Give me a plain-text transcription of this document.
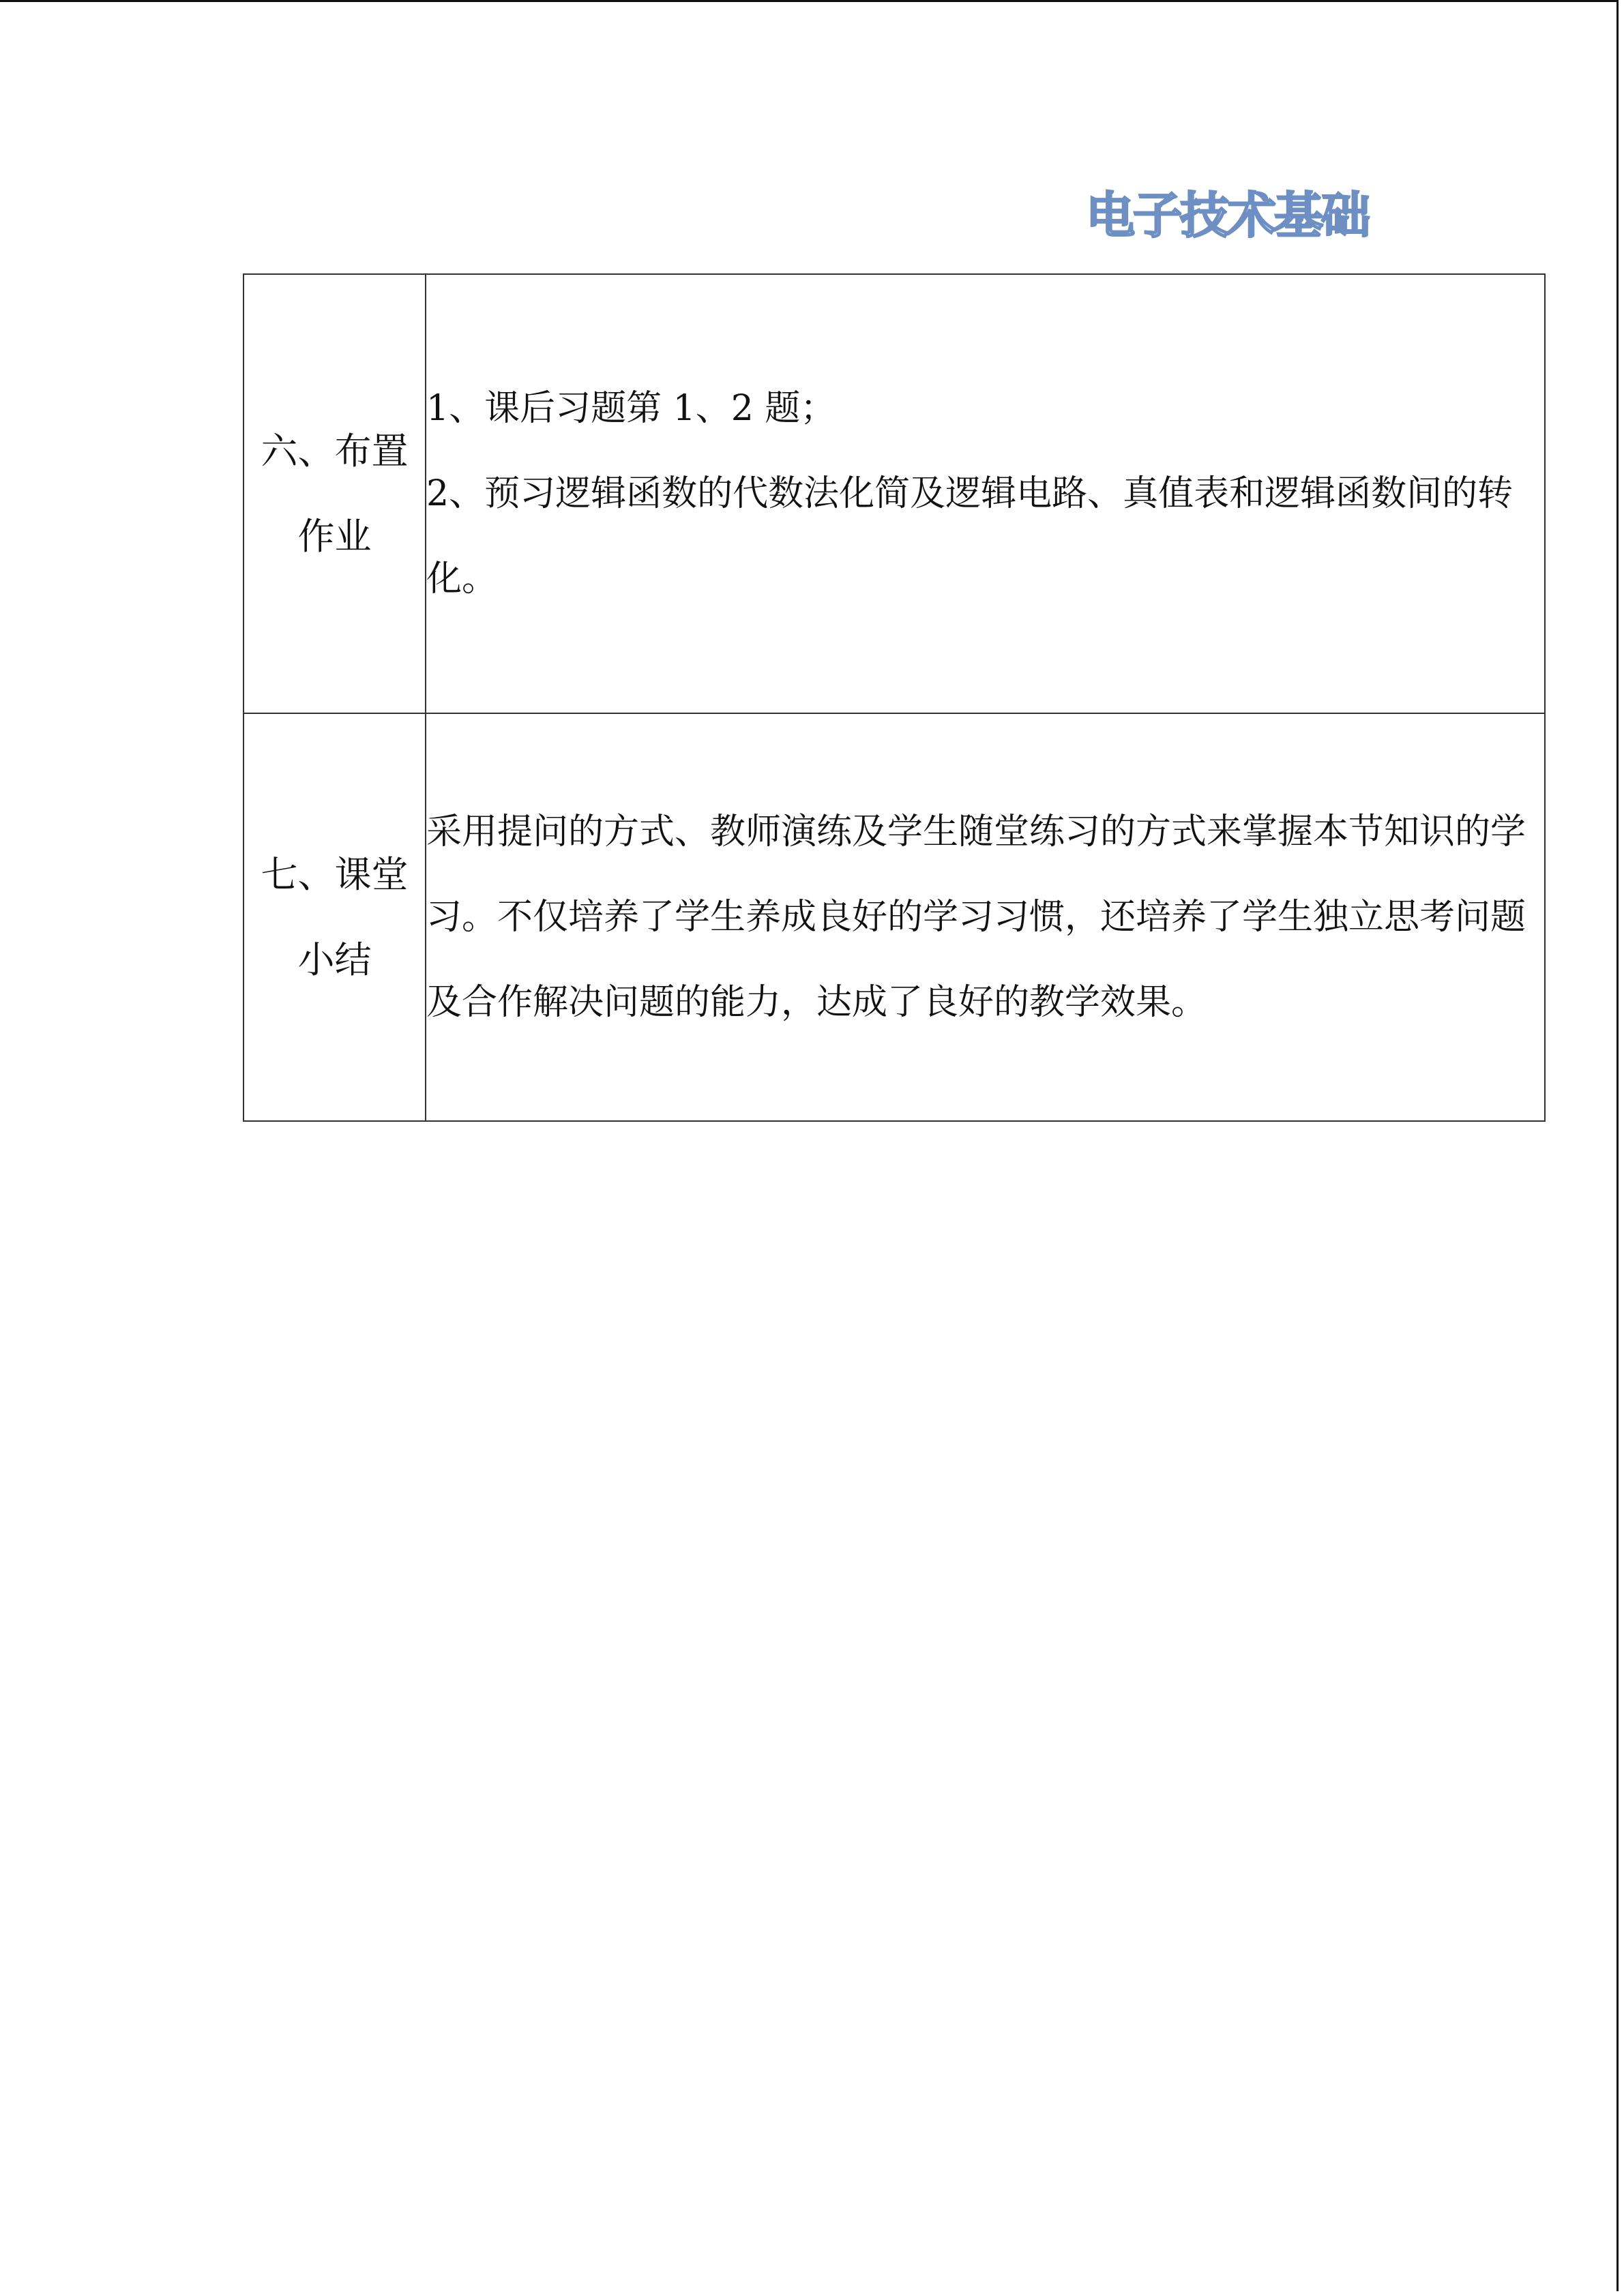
电子技术基础
六、布置作业	1、课后习题第 1、2 题；
2、预习逻辑函数的代数法化简及逻辑电路、真值表和逻辑函数间的转化。

七、课堂小结	采用提问的方式、教师演练及学生随堂练习的方式来掌握本节知识的学习。不仅培养了学生养成良好的学习习惯，还培养了学生独立思考问题及合作解决问题的能力，达成了良好的教学效果。
